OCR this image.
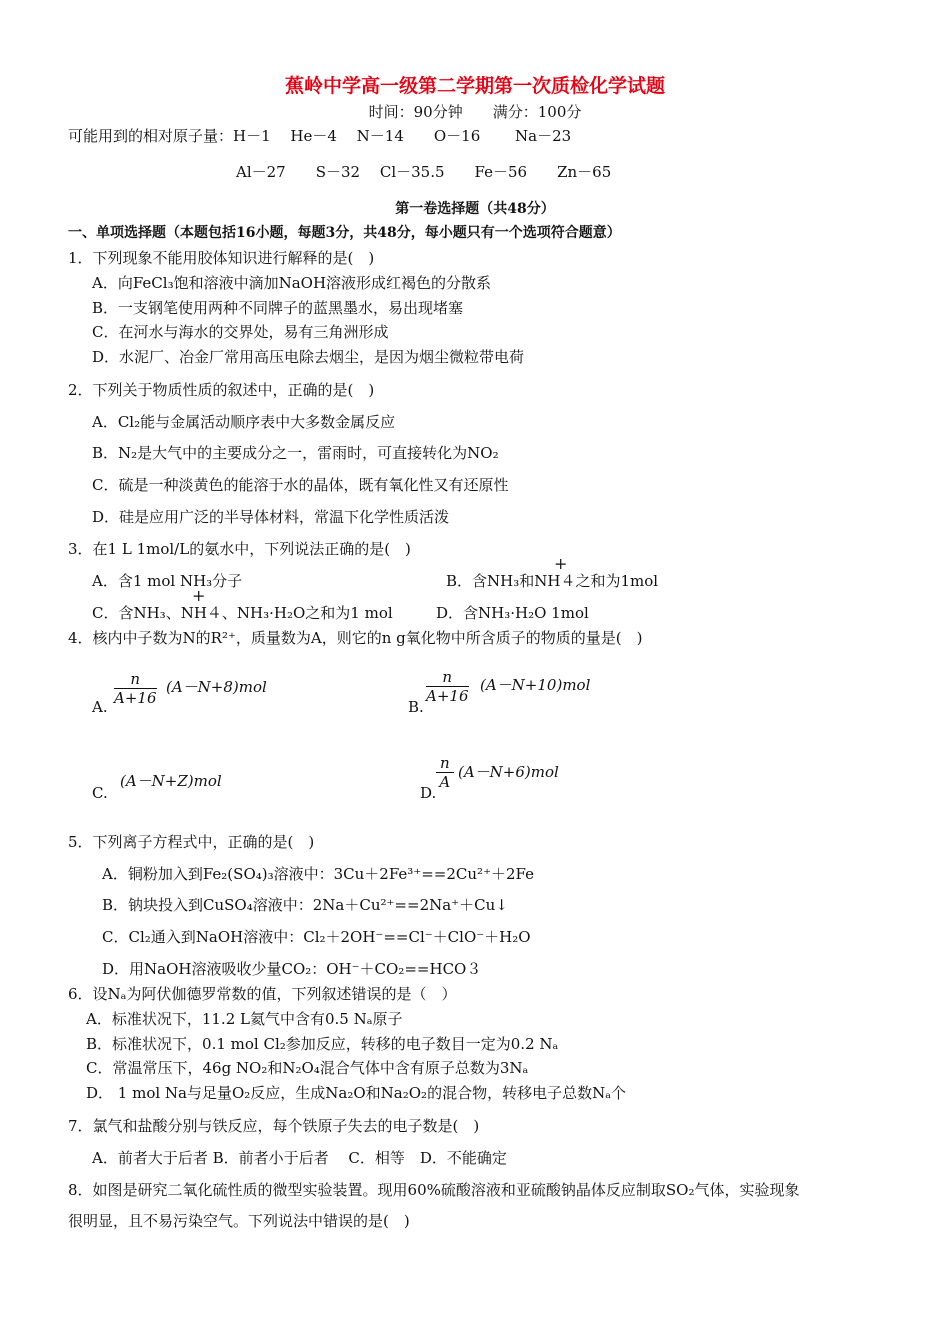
蕉岭中学高一级第二学期第一次质检化学试题
时间：90分钟　　满分：100分
可能用到的相对原子量：H－1　 He－4　 N－14　　O－16　　 Na－23
Al－27　　S－32　 Cl－35.5　　Fe－56　　Zn－65
第一卷选择题（共48分）
一、单项选择题（本题包括16小题，每题3分，共48分，每小题只有一个选项符合题意）
1．下列现象不能用胶体知识进行解释的是(　)
A．向FeCl₃饱和溶液中滴加NaOH溶液形成红褐色的分散系
B．一支钢笔使用两种不同牌子的蓝黑墨水，易出现堵塞
C．在河水与海水的交界处，易有三角洲形成
D．水泥厂、冶金厂常用高压电除去烟尘，是因为烟尘微粒带电荷
2．下列关于物质性质的叙述中，正确的是(　)
A．Cl₂能与金属活动顺序表中大多数金属反应
B．N₂是大气中的主要成分之一，雷雨时，可直接转化为NO₂
C．硫是一种淡黄色的能溶于水的晶体，既有氧化性又有还原性
D．硅是应用广泛的半导体材料，常温下化学性质活泼
3．在1 L 1mol/L的氨水中，下列说法正确的是(　)
+
A．含1 mol NH₃分子	B．含NH₃和NH４之和为1mol
+
C．含NH₃、NH４、NH₃·H₂O之和为1 mol	D．含NH₃·H₂O 1mol
4．核内中子数为N的R²⁺，质量数为A，则它的n g氧化物中所含质子的物质的量是(　)
A. $\frac{n}{A+16} (A-N+8)mol$
B.
$\frac{n}{A+16} (A-N+10)mol$
C.
(A－N+Z)mol
D.
$\frac{n}{A} (A-N+6)mol$
5．下列离子方程式中，正确的是(　)
A．铜粉加入到Fe₂(SO₄)₃溶液中：3Cu＋2Fe³⁺==2Cu²⁺＋2Fe
B．钠块投入到CuSO₄溶液中：2Na＋Cu²⁺==2Na⁺＋Cu↓
C．Cl₂通入到NaOH溶液中：Cl₂＋2OH⁻==Cl⁻＋ClO⁻＋H₂O
D．用NaOH溶液吸收少量CO₂：OH⁻＋CO₂==HCO３
6．设Nₐ为阿伏伽德罗常数的值，下列叙述错误的是（　）
A．标准状况下，11.2 L氦气中含有0.5 Nₐ原子
B．标准状况下，0.1 mol Cl₂参加反应，转移的电子数目一定为0.2 Nₐ
C．常温常压下，46g NO₂和N₂O₄混合气体中含有原子总数为3Nₐ
D． 1 mol Na与足量O₂反应，生成Na₂O和Na₂O₂的混合物，转移电子总数Nₐ个
7．氯气和盐酸分别与铁反应，每个铁原子失去的电子数是(　)
A．前者大于后者 B．前者小于后者 　C．相等　D．不能确定
8．如图是研究二氧化硫性质的微型实验装置。现用60%硫酸溶液和亚硫酸钠晶体反应制取SO₂气体，实验现象
很明显，且不易污染空气。下列说法中错误的是(　)
